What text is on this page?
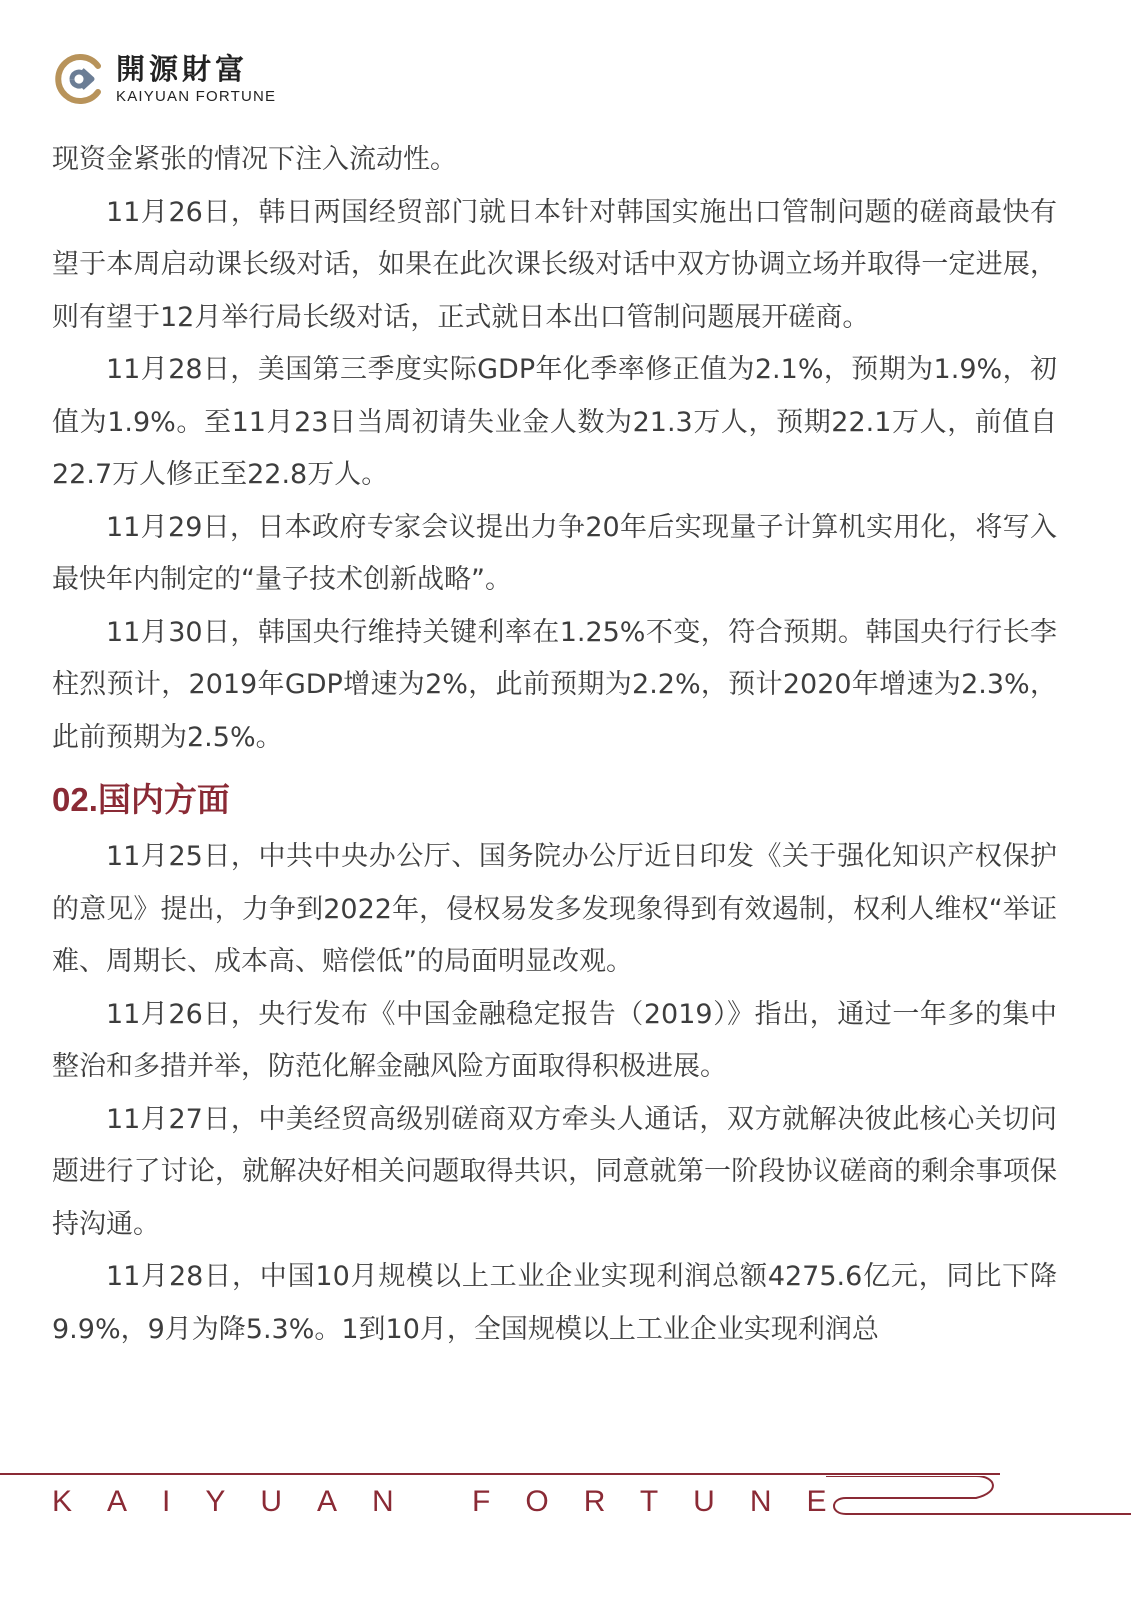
開源財富
KAIYUAN FORTUNE

现资金紧张的情况下注入流动性。

11月26日，韩日两国经贸部门就日本针对韩国实施出口管制问题的磋商最快有望于本周启动课长级对话，如果在此次课长级对话中双方协调立场并取得一定进展，则有望于12月举行局长级对话，正式就日本出口管制问题展开磋商。

11月28日，美国第三季度实际GDP年化季率修正值为2.1%，预期为1.9%，初值为1.9%。至11月23日当周初请失业金人数为21.3万人，预期22.1万人，前值自22.7万人修正至22.8万人。

11月29日，日本政府专家会议提出力争20年后实现量子计算机实用化，将写入最快年内制定的“量子技术创新战略”。

11月30日，韩国央行维持关键利率在1.25%不变，符合预期。韩国央行行长李柱烈预计，2019年GDP增速为2%，此前预期为2.2%，预计2020年增速为2.3%，此前预期为2.5%。

02.国内方面

11月25日，中共中央办公厅、国务院办公厅近日印发《关于强化知识产权保护的意见》提出，力争到2022年，侵权易发多发现象得到有效遏制，权利人维权“举证难、周期长、成本高、赔偿低”的局面明显改观。

11月26日，央行发布《中国金融稳定报告（2019）》指出，通过一年多的集中整治和多措并举，防范化解金融风险方面取得积极进展。

11月27日，中美经贸高级别磋商双方牵头人通话，双方就解决彼此核心关切问题进行了讨论，就解决好相关问题取得共识，同意就第一阶段协议磋商的剩余事项保持沟通。

11月28日，中国10月规模以上工业企业实现利润总额4275.6亿元，同比下降9.9%，9月为降5.3%。1到10月，全国规模以上工业企业实现利润总

KAIYUAN FORTUNE
